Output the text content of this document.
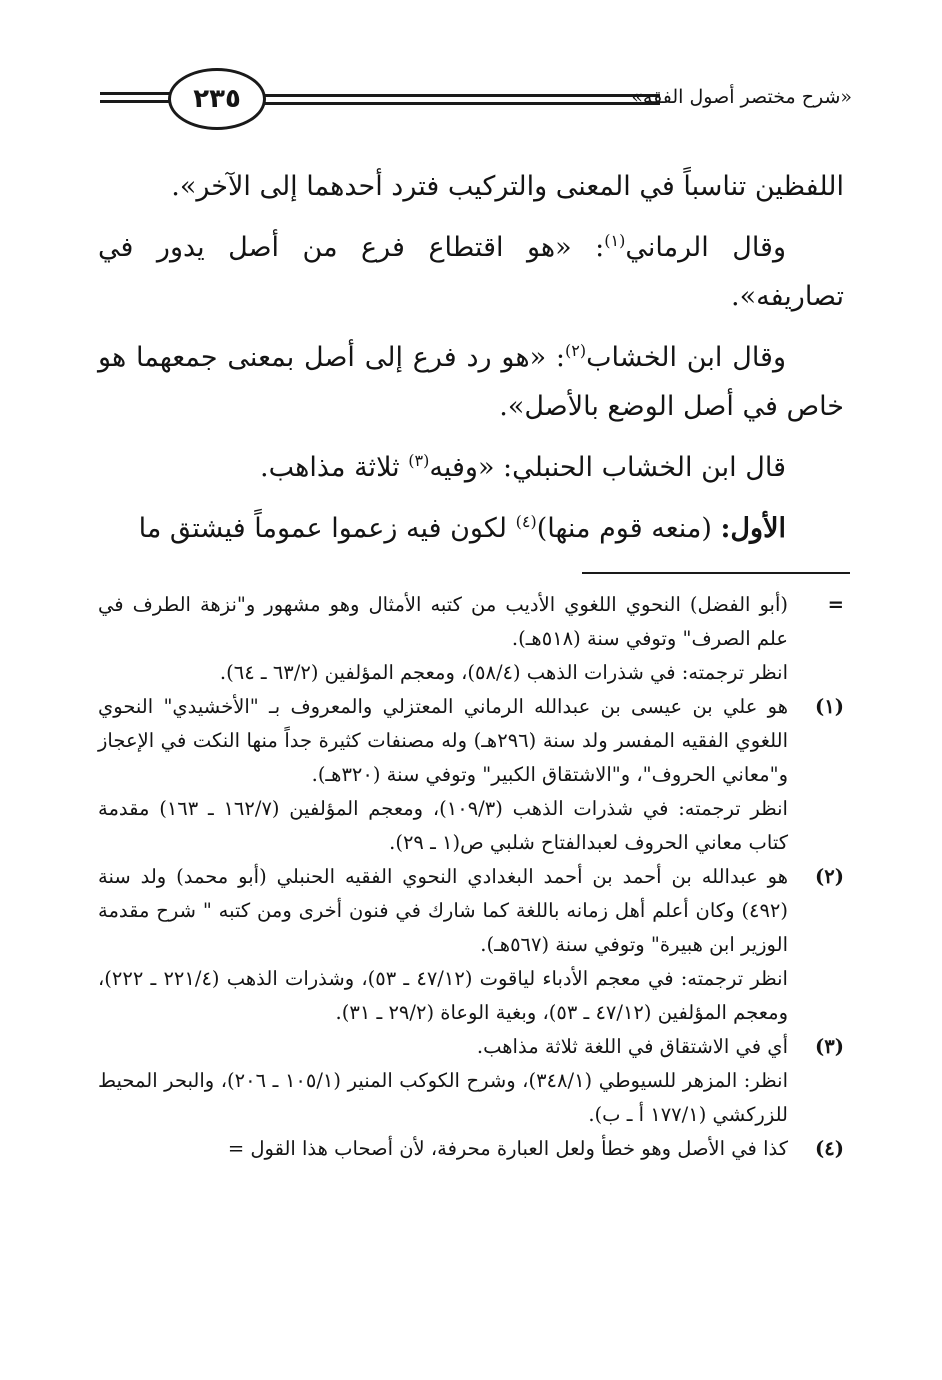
٢٣٥	«شرح مختصر أصول الفقه»

اللفظين تناسباً في المعنى والتركيب فترد أحدهما إلى الآخر».

وقال الرماني$^{(١)}$: «هو اقتطاع فرع من أصل يدور في تصاريفه».

وقال ابن الخشاب$^{(٢)}$: «هو رد فرع إلى أصل بمعنى جمعهما هو خاص في أصل الوضع بالأصل».

قال ابن الخشاب الحنبلي: «وفيه$^{(٣)}$ ثلاثة مذاهب.

الأول: (منعه قوم منها)$^{(٤)}$ لكون فيه زعموا عموماً فيشتق ما

=

(أبو الفضل) النحوي اللغوي الأديب من كتبه الأمثال وهو مشهور و"نزهة الطرف في علم الصرف" وتوفي سنة (٥١٨هـ).

انظر ترجمته: في شذرات الذهب (٥٨/٤)، ومعجم المؤلفين (٦٣/٢ ـ ٦٤).

(١)

هو علي بن عيسى بن عبدالله الرماني المعتزلي والمعروف بـ "الأخشيدي" النحوي اللغوي الفقيه المفسر ولد سنة (٢٩٦هـ) وله مصنفات كثيرة جداً منها النكت في الإعجاز و"معاني الحروف"، و"الاشتقاق الكبير" وتوفي سنة (٣٢٠هـ).

انظر ترجمته: في شذرات الذهب (١٠٩/٣)، ومعجم المؤلفين (١٦٢/٧ ـ ١٦٣) مقدمة كتاب معاني الحروف لعبدالفتاح شلبي ص(١ ـ ٢٩).

(٢)

هو عبدالله بن أحمد بن أحمد البغدادي النحوي الفقيه الحنبلي (أبو محمد) ولد سنة (٤٩٢) وكان أعلم أهل زمانه باللغة كما شارك في فنون أخرى ومن كتبه " شرح مقدمة الوزير ابن هبيرة" وتوفي سنة (٥٦٧هـ).

انظر ترجمته: في معجم الأدباء لياقوت (٤٧/١٢ ـ ٥٣)، وشذرات الذهب (٢٢١/٤ ـ ٢٢٢)، ومعجم المؤلفين (٤٧/١٢ ـ ٥٣)، وبغية الوعاة (٢٩/٢ ـ ٣١).

(٣)

أي في الاشتقاق في اللغة ثلاثة مذاهب.

انظر: المزهر للسيوطي (٣٤٨/١)، وشرح الكوكب المنير (١٠٥/١ ـ ٢٠٦)، والبحر المحيط للزركشي (١٧٧/١ أ ـ ب).

(٤)

كذا في الأصل وهو خطأ ولعل العبارة محرفة، لأن أصحاب هذا القول =
